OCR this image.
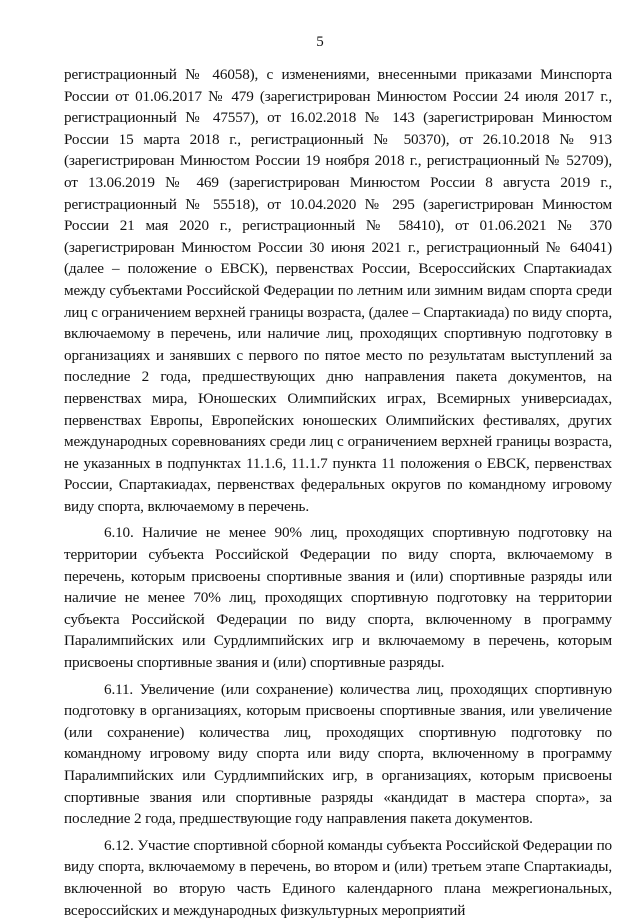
5

регистрационный № 46058), с изменениями, внесенными приказами Минспорта России от 01.06.2017 № 479 (зарегистрирован Минюстом России 24 июля 2017 г., регистрационный № 47557), от 16.02.2018 № 143 (зарегистрирован Минюстом России 15 марта 2018 г., регистрационный № 50370), от 26.10.2018 № 913 (зарегистрирован Минюстом России 19 ноября 2018 г., регистрационный № 52709), от 13.06.2019 № 469 (зарегистрирован Минюстом России 8 августа 2019 г., регистрационный № 55518), от 10.04.2020 № 295 (зарегистрирован Минюстом России 21 мая 2020 г., регистрационный № 58410), от 01.06.2021 № 370 (зарегистрирован Минюстом России 30 июня 2021 г., регистрационный № 64041) (далее – положение о ЕВСК), первенствах России, Всероссийских Спартакиадах между субъектами Российской Федерации по летним или зимним видам спорта среди лиц с ограничением верхней границы возраста, (далее – Спартакиада) по виду спорта, включаемому в перечень, или наличие лиц, проходящих спортивную подготовку в организациях и занявших с первого по пятое место по результатам выступлений за последние 2 года, предшествующих дню направления пакета документов, на первенствах мира, Юношеских Олимпийских играх, Всемирных универсиадах, первенствах Европы, Европейских юношеских Олимпийских фестивалях, других международных соревнованиях среди лиц с ограничением верхней границы возраста, не указанных в подпунктах 11.1.6, 11.1.7 пункта 11 положения о ЕВСК, первенствах России, Спартакиадах, первенствах федеральных округов по командному игровому виду спорта, включаемому в перечень.

6.10. Наличие не менее 90% лиц, проходящих спортивную подготовку на территории субъекта Российской Федерации по виду спорта, включаемому в перечень, которым присвоены спортивные звания и (или) спортивные разряды или наличие не менее 70% лиц, проходящих спортивную подготовку на территории субъекта Российской Федерации по виду спорта, включенному в программу Паралимпийских или Сурдлимпийских игр и включаемому в перечень, которым присвоены спортивные звания и (или) спортивные разряды.

6.11. Увеличение (или сохранение) количества лиц, проходящих спортивную подготовку в организациях, которым присвоены спортивные звания, или увеличение (или сохранение) количества лиц, проходящих спортивную подготовку по командному игровому виду спорта или виду спорта, включенному в программу Паралимпийских или Сурдлимпийских игр, в организациях, которым присвоены спортивные звания или спортивные разряды «кандидат в мастера спорта», за последние 2 года, предшествующие году направления пакета документов.

6.12. Участие спортивной сборной команды субъекта Российской Федерации по виду спорта, включаемому в перечень, во втором и (или) третьем этапе Спартакиады, включенной во вторую часть Единого календарного плана межрегиональных, всероссийских и международных физкультурных мероприятий
